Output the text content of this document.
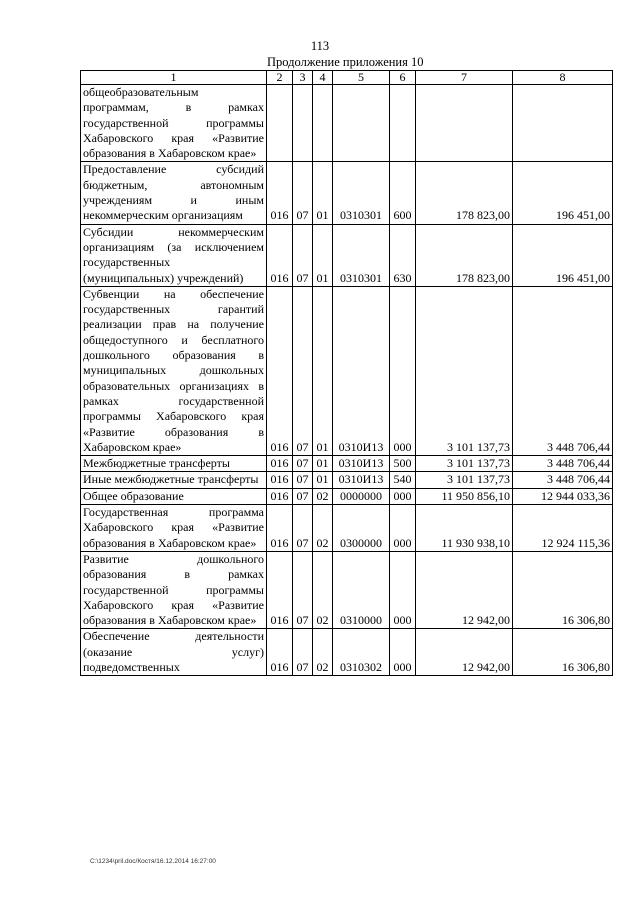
113
Продолжение приложения 10
1	2	3	4	5	6	7	8
общеобразовательным программам, в рамках государственной программы Хабаровского края «Развитие образования в Хабаровском крае»							
Предоставление субсидий бюджетным, автономным учреждениям и иным некоммерческим организациям	016	07	01	0310301	600	178 823,00	196 451,00
Субсидии некоммерческим организациям (за исключением государственных (муниципальных) учреждений)	016	07	01	0310301	630	178 823,00	196 451,00
Субвенции на обеспечение государственных гарантий реализации прав на получение общедоступного и бесплатного дошкольного образования в муниципальных дошкольных образовательных организациях в рамках государственной программы Хабаровского края «Развитие образования в Хабаровском крае»	016	07	01	0310И13	000	3 101 137,73	3 448 706,44
Межбюджетные трансферты	016	07	01	0310И13	500	3 101 137,73	3 448 706,44
Иные межбюджетные трансферты	016	07	01	0310И13	540	3 101 137,73	3 448 706,44
Общее образование	016	07	02	0000000	000	11 950 856,10	12 944 033,36
Государственная программа Хабаровского края «Развитие образования в Хабаровском крае»	016	07	02	0300000	000	11 930 938,10	12 924 115,36
Развитие дошкольного образования в рамках государственной программы Хабаровского края «Развитие образования в Хабаровском крае»	016	07	02	0310000	000	12 942,00	16 306,80
Обеспечение деятельности (оказание услуг) подведомственных	016	07	02	0310302	000	12 942,00	16 306,80
C:\1234\pril.doc/Костя/16.12.2014 16:27:00
